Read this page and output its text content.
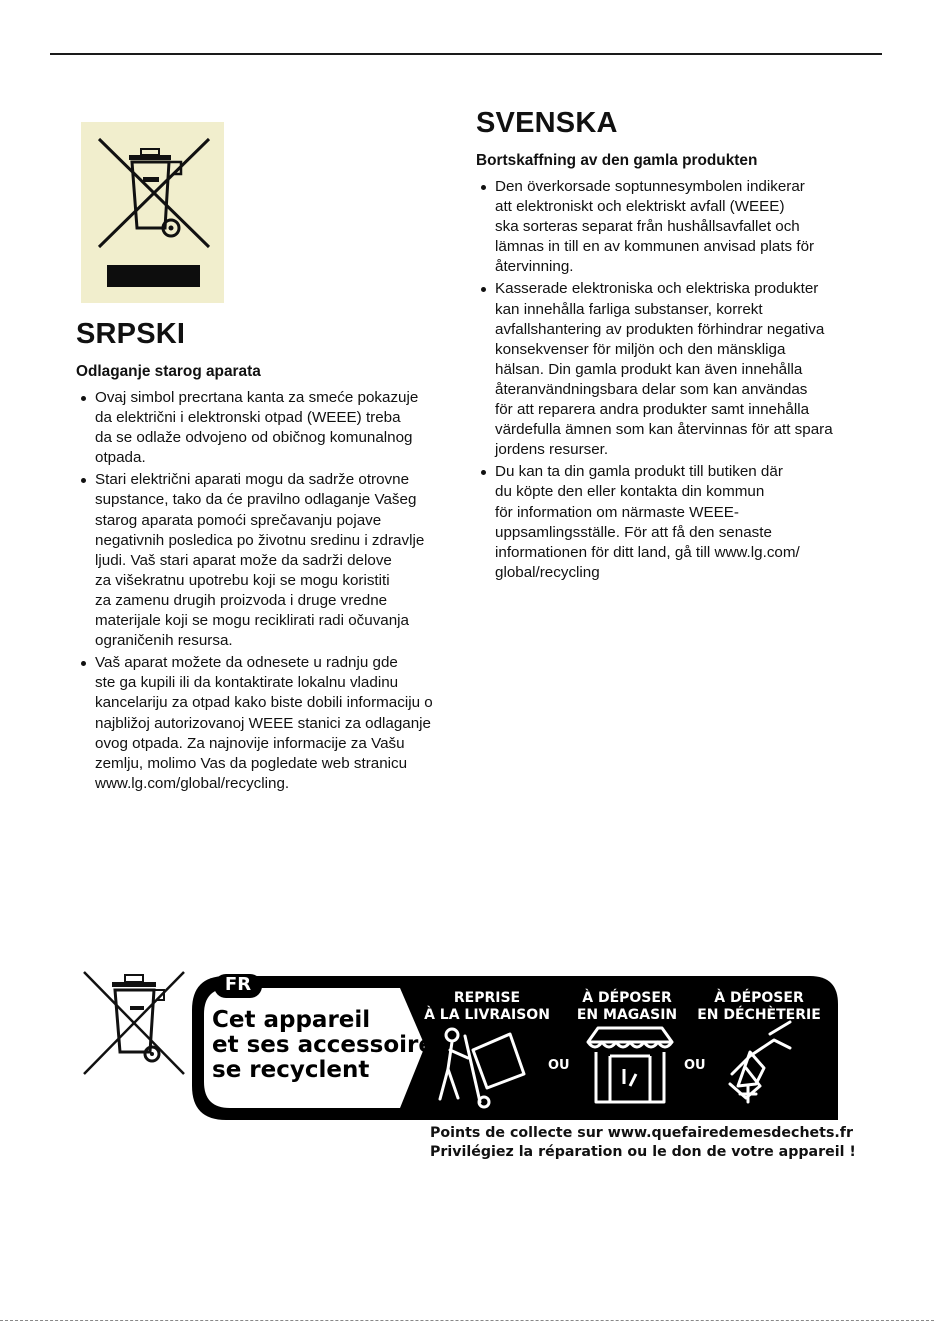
SRPSKI
Odlaganje starog aparata
Ovaj simbol precrtana kanta za smeće pokazuje
da električni i elektronski otpad (WEEE) treba
da se odlaže odvojeno od običnog komunalnog
otpada.
Stari električni aparati mogu da sadrže otrovne
supstance, tako da će pravilno odlaganje Vašeg
starog aparata pomoći sprečavanju pojave
negativnih posledica po životnu sredinu i zdravlje
ljudi. Vaš stari aparat može da sadrži delove
za višekratnu upotrebu koji se mogu koristiti
za zamenu drugih proizvoda i druge vredne
materijale koji se mogu reciklirati radi očuvanja
ograničenih resursa.
Vaš aparat možete da odnesete u radnju gde
ste ga kupili ili da kontaktirate lokalnu vladinu
kancelariju za otpad kako biste dobili informaciju o
najbližoj autorizovanoj WEEE stanici za odlaganje
ovog otpada. Za najnovije informacije za Vašu
zemlju, molimo Vas da pogledate web stranicu
www.lg.com/global/recycling.
SVENSKA
Bortskaffning av den gamla produkten
Den överkorsade soptunnesymbolen indikerar
att elektroniskt och elektriskt avfall (WEEE)
ska sorteras separat från hushållsavfallet och
lämnas in till en av kommunen anvisad plats för
återvinning.
Kasserade elektroniska och elektriska produkter
kan innehålla farliga substanser, korrekt
avfallshantering av produkten förhindrar negativa
konsekvenser för miljön och den mänskliga
hälsan. Din gamla produkt kan även innehålla
återanvändningsbara delar som kan användas
för att reparera andra produkter samt innehålla
värdefulla ämnen som kan återvinnas för att spara
jordens resurser.
Du kan ta din gamla produkt till butiken där
du köpte den eller kontakta din kommun
för information om närmaste WEEE-
uppsamlingsställe. För att få den senaste
informationen för ditt land, gå till www.lg.com/
global/recycling
FR
Cet appareil
et ses accessoires
se recyclent
REPRISE
À LA LIVRAISON
À DÉPOSER
EN MAGASIN
À DÉPOSER
EN DÉCHÈTERIE
OU	OU
Points de collecte sur www.quefairedemesdechets.fr
Privilégiez la réparation ou le don de votre appareil !
